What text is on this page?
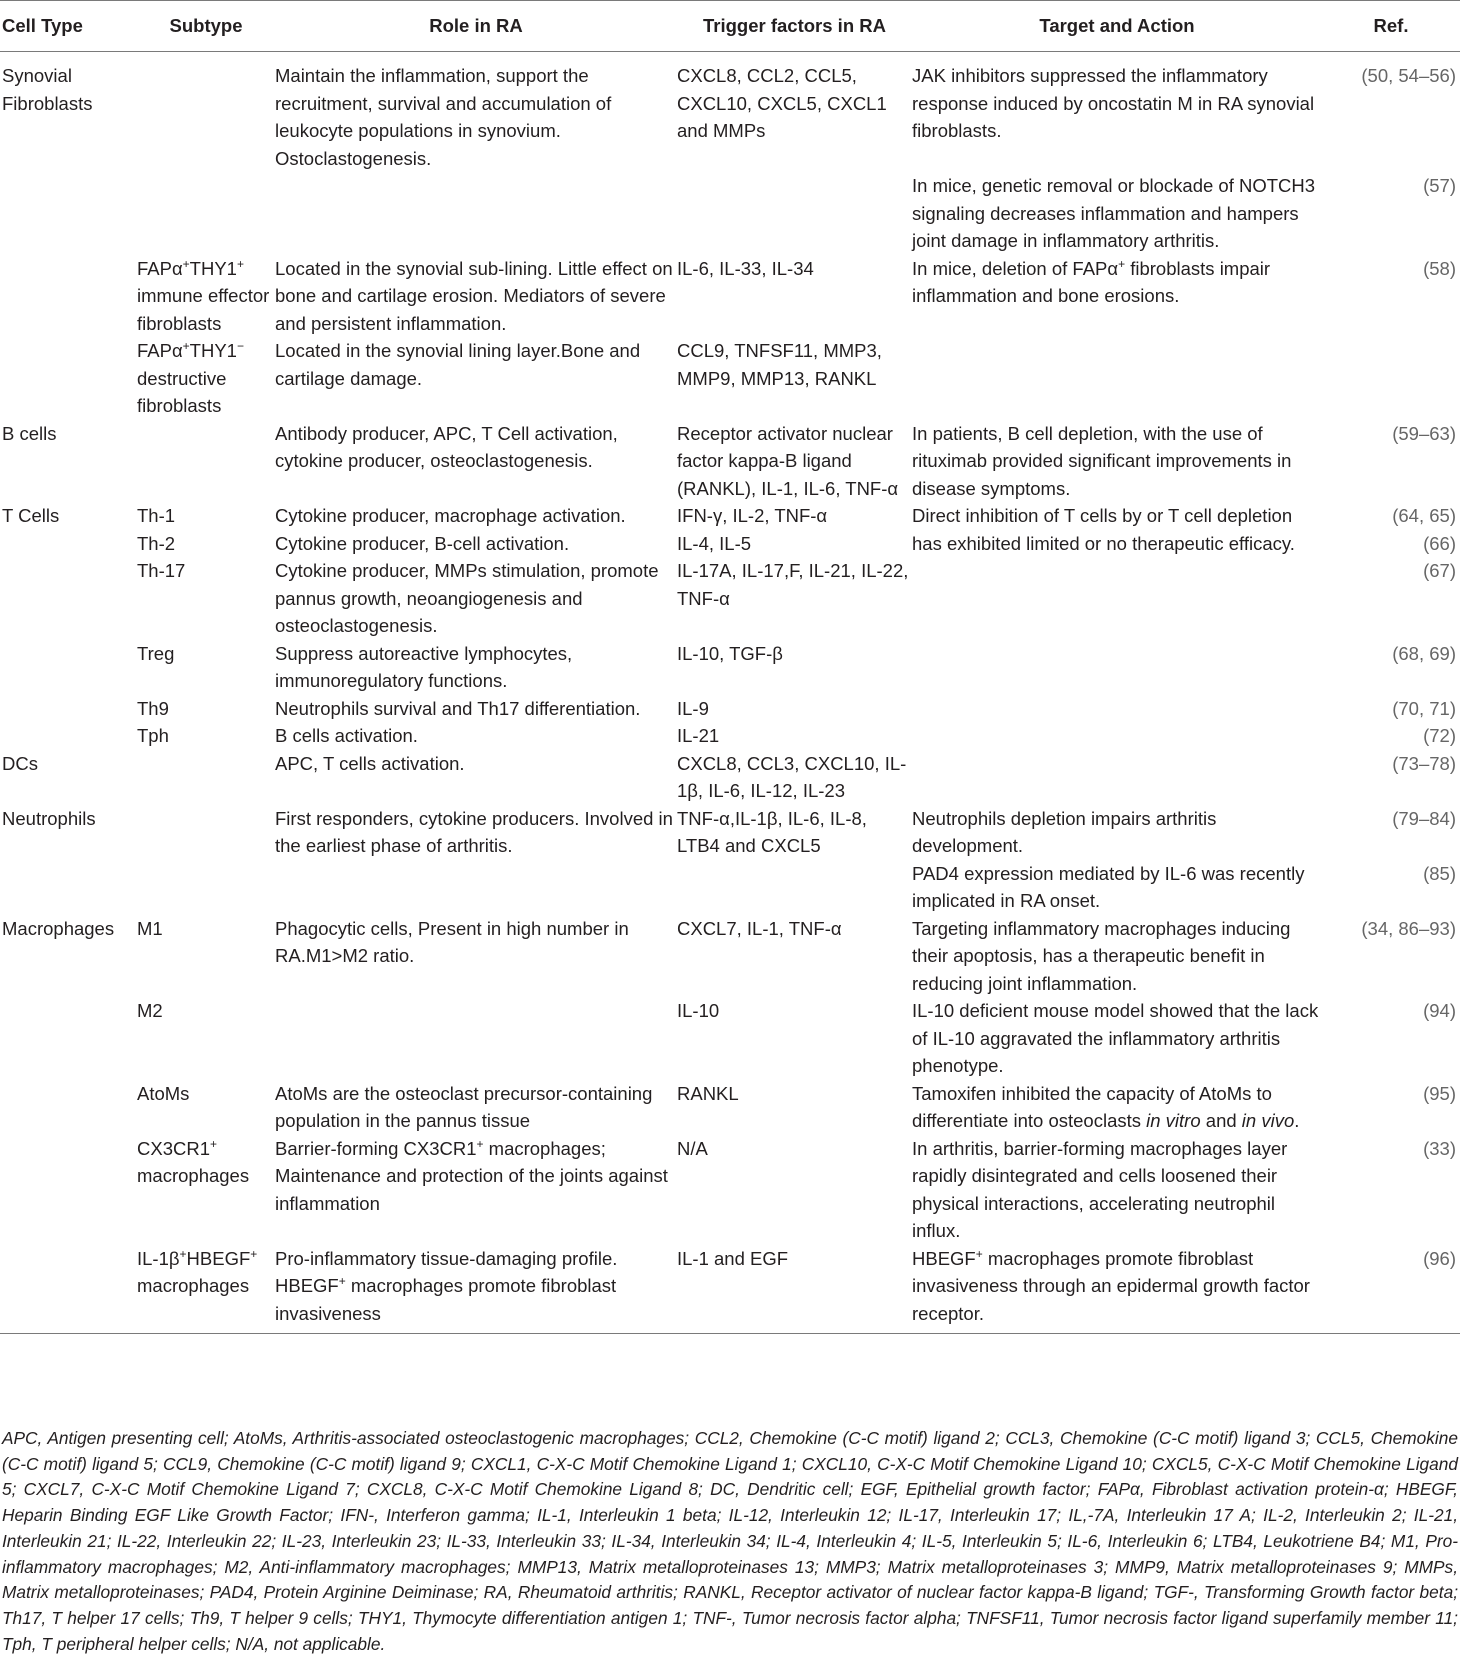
Cell Type	Subtype	Role in RA	Trigger factors in RA	Target and Action	Ref.
Synovial Fibroblasts		Maintain the inflammation, support the recruitment, survival and accumulation of leukocyte populations in synovium. Ostoclastogenesis.	CXCL8, CCL2, CCL5, CXCL10, CXCL5, CXCL1 and MMPs	JAK inhibitors suppressed the inflammatory response induced by oncostatin M in RA synovial fibroblasts.	(50, 54–56)
				In mice, genetic removal or blockade of NOTCH3 signaling decreases inflammation and hampers joint damage in inflammatory arthritis.	(57)
	FAPα+THY1+ immune effector fibroblasts	Located in the synovial sub-lining. Little effect on bone and cartilage erosion. Mediators of severe and persistent inflammation.	IL-6, IL-33, IL-34	In mice, deletion of FAPα+ fibroblasts impair inflammation and bone erosions.	(58)
	FAPα+THY1− destructive fibroblasts	Located in the synovial lining layer.Bone and cartilage damage.	CCL9, TNFSF11, MMP3, MMP9, MMP13, RANKL		
B cells		Antibody producer, APC, T Cell activation, cytokine producer, osteoclastogenesis.	Receptor activator nuclear factor kappa-B ligand (RANKL), IL-1, IL-6, TNF-α	In patients, B cell depletion, with the use of rituximab provided significant improvements in disease symptoms.	(59–63)
T Cells	Th-1	Cytokine producer, macrophage activation.	IFN-γ, IL-2, TNF-α	Direct inhibition of T cells by or T cell depletion has exhibited limited or no therapeutic efficacy.	(64, 65)
	Th-2	Cytokine producer, B-cell activation.	IL-4, IL-5		(66)
	Th-17	Cytokine producer, MMPs stimulation, promote pannus growth, neoangiogenesis and osteoclastogenesis.	IL-17A, IL-17,F, IL-21, IL-22, TNF-α		(67)
	Treg	Suppress autoreactive lymphocytes, immunoregulatory functions.	IL-10, TGF-β		(68, 69)
	Th9	Neutrophils survival and Th17 differentiation.	IL-9		(70, 71)
	Tph	B cells activation.	IL-21		(72)
DCs		APC, T cells activation.	CXCL8, CCL3, CXCL10, IL-1β, IL-6, IL-12, IL-23		(73–78)
Neutrophils		First responders, cytokine producers. Involved in the earliest phase of arthritis.	TNF-α,IL-1β, IL-6, IL-8, LTB4 and CXCL5	Neutrophils depletion impairs arthritis development.	(79–84)
				PAD4 expression mediated by IL-6 was recently implicated in RA onset.	(85)
Macrophages	M1	Phagocytic cells, Present in high number in RA.M1>M2 ratio.	CXCL7, IL-1, TNF-α	Targeting inflammatory macrophages inducing their apoptosis, has a therapeutic benefit in reducing joint inflammation.	(34, 86–93)
	M2		IL-10	IL-10 deficient mouse model showed that the lack of IL-10 aggravated the inflammatory arthritis phenotype.	(94)
	AtoMs	AtoMs are the osteoclast precursor-containing population in the pannus tissue	RANKL	Tamoxifen inhibited the capacity of AtoMs to differentiate into osteoclasts in vitro and in vivo.	(95)
	CX3CR1+ macrophages	Barrier-forming CX3CR1+ macrophages; Maintenance and protection of the joints against inflammation	N/A	In arthritis, barrier-forming macrophages layer rapidly disintegrated and cells loosened their physical interactions, accelerating neutrophil influx.	(33)
	IL-1β+HBEGF+ macrophages	Pro-inflammatory tissue-damaging profile. HBEGF+ macrophages promote fibroblast invasiveness	IL-1 and EGF	HBEGF+ macrophages promote fibroblast invasiveness through an epidermal growth factor receptor.	(96)
APC, Antigen presenting cell; AtoMs, Arthritis-associated osteoclastogenic macrophages; CCL2, Chemokine (C-C motif) ligand 2; CCL3, Chemokine (C-C motif) ligand 3; CCL5, Chemokine (C-C motif) ligand 5; CCL9, Chemokine (C-C motif) ligand 9; CXCL1, C-X-C Motif Chemokine Ligand 1; CXCL10, C-X-C Motif Chemokine Ligand 10; CXCL5, C-X-C Motif Chemokine Ligand 5; CXCL7, C-X-C Motif Chemokine Ligand 7; CXCL8, C-X-C Motif Chemokine Ligand 8; DC, Dendritic cell; EGF, Epithelial growth factor; FAPα, Fibroblast activation protein-α; HBEGF, Heparin Binding EGF Like Growth Factor; IFN-, Interferon gamma; IL-1, Interleukin 1 beta; IL-12, Interleukin 12; IL-17, Interleukin 17; IL,-7A, Interleukin 17 A; IL-2, Interleukin 2; IL-21, Interleukin 21; IL-22, Interleukin 22; IL-23, Interleukin 23; IL-33, Interleukin 33; IL-34, Interleukin 34; IL-4, Interleukin 4; IL-5, Interleukin 5; IL-6, Interleukin 6; LTB4, Leukotriene B4; M1, Pro-inflammatory macrophages; M2, Anti-inflammatory macrophages; MMP13, Matrix metalloproteinases 13; MMP3; Matrix metalloproteinases 3; MMP9, Matrix metalloproteinases 9; MMPs, Matrix metalloproteinases; PAD4, Protein Arginine Deiminase; RA, Rheumatoid arthritis; RANKL, Receptor activator of nuclear factor kappa-B ligand; TGF-, Transforming Growth factor beta; Th17, T helper 17 cells; Th9, T helper 9 cells; THY1, Thymocyte differentiation antigen 1; TNF-, Tumor necrosis factor alpha; TNFSF11, Tumor necrosis factor ligand superfamily member 11; Tph, T peripheral helper cells; N/A, not applicable.
